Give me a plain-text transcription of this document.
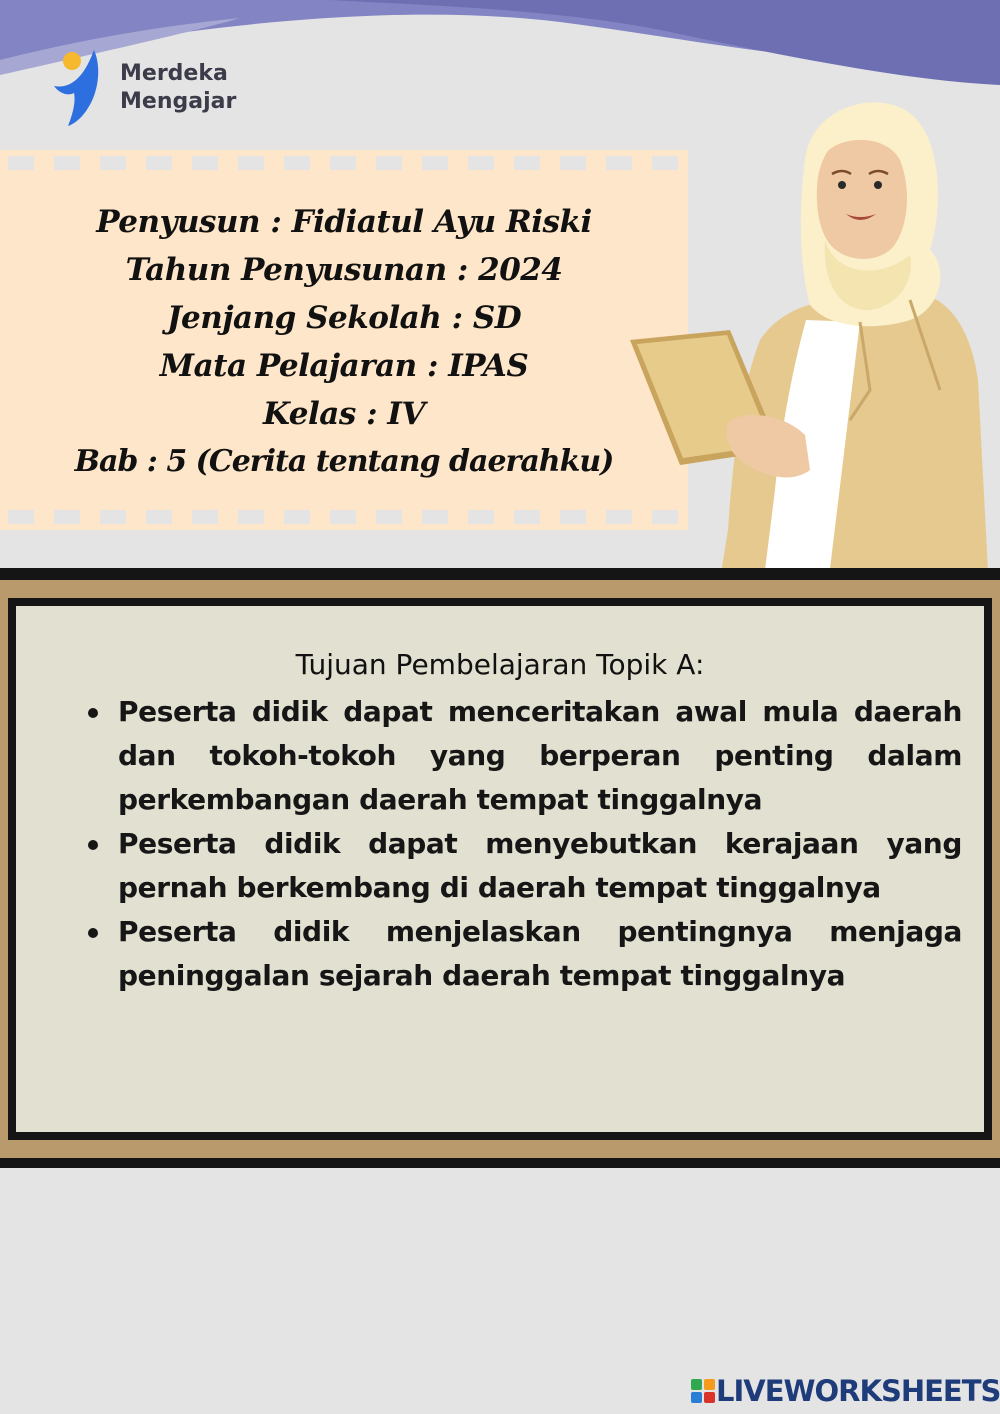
Merdeka
Mengajar
Penyusun : Fidiatul Ayu Riski
Tahun Penyusunan : 2024
Jenjang Sekolah : SD
Mata Pelajaran : IPAS
Kelas : IV
Bab : 5 (Cerita tentang daerahku)
Tujuan Pembelajaran Topik A:
Peserta didik dapat menceritakan awal mula daerah dan tokoh-tokoh yang berperan penting dalam perkembangan daerah tempat tinggalnya
Peserta didik dapat menyebutkan kerajaan yang pernah berkembang di daerah tempat tinggalnya
Peserta didik menjelaskan pentingnya menjaga peninggalan sejarah daerah tempat tinggalnya
LIVEWORKSHEETS
